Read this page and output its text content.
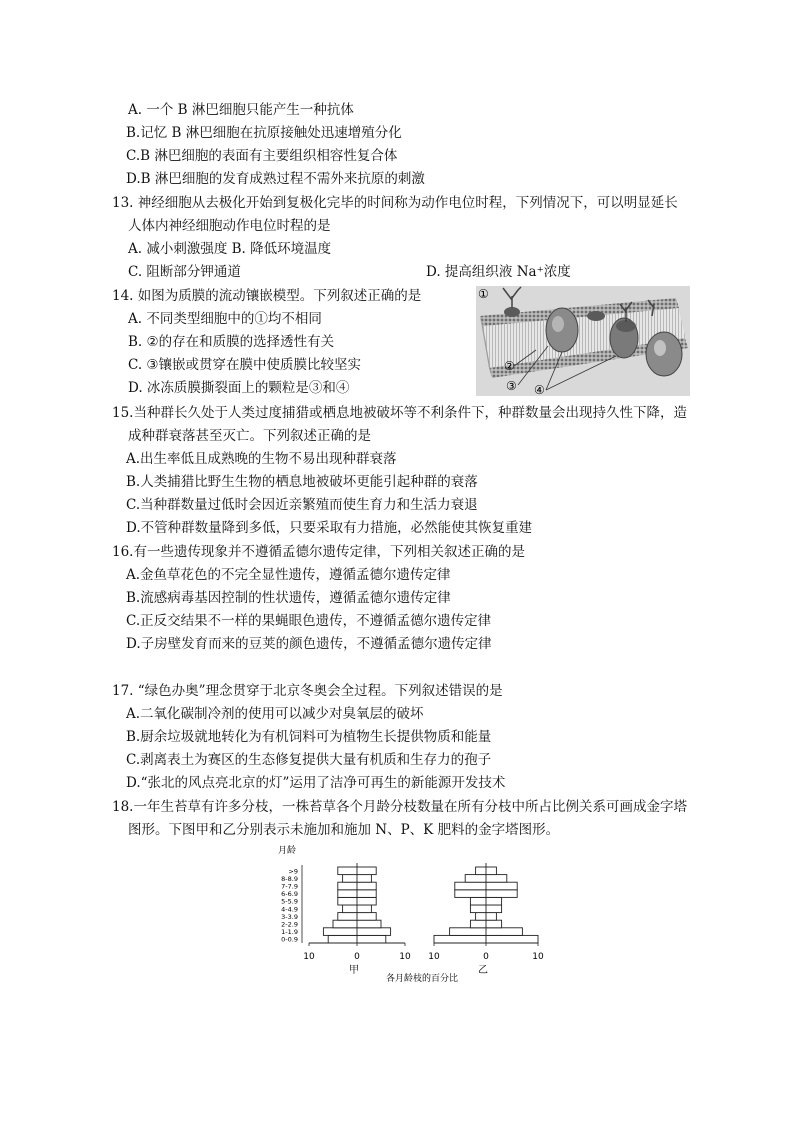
A. 一个 B 淋巴细胞只能产生一种抗体
B.记忆 B 淋巴细胞在抗原接触处迅速增殖分化
C.B 淋巴细胞的表面有主要组织相容性复合体
D.B 淋巴细胞的发育成熟过程不需外来抗原的刺激
13. 神经细胞从去极化开始到复极化完毕的时间称为动作电位时程，下列情况下，可以明显延长
人体内神经细胞动作电位时程的是
A. 减小刺激强度 B. 降低环境温度
C. 阻断部分钾通道	D. 提高组织液 Na⁺浓度
14. 如图为质膜的流动镶嵌模型。下列叙述正确的是
A. 不同类型细胞中的①均不相同
B. ②的存在和质膜的选择透性有关
C. ③镶嵌或贯穿在膜中使质膜比较坚实
D. 冰冻质膜撕裂面上的颗粒是③和④
①
②
③ ④
15.当种群长久处于人类过度捕猎或栖息地被破坏等不利条件下，种群数量会出现持久性下降，造
成种群衰落甚至灭亡。下列叙述正确的是
A.出生率低且成熟晚的生物不易出现种群衰落
B.人类捕猎比野生生物的栖息地被破坏更能引起种群的衰落
C.当种群数量过低时会因近亲繁殖而使生育力和生活力衰退
D.不管种群数量降到多低，只要采取有力措施，必然能使其恢复重建
16.有一些遗传现象并不遵循孟德尔遗传定律，下列相关叙述正确的是
A.金鱼草花色的不完全显性遗传，遵循孟德尔遗传定律
B.流感病毒基因控制的性状遗传，遵循孟德尔遗传定律
C.正反交结果不一样的果蝇眼色遗传，不遵循孟德尔遗传定律
D.子房壁发育而来的豆荚的颜色遗传，不遵循孟德尔遗传定律
17. “绿色办奥”理念贯穿于北京冬奥会全过程。下列叙述错误的是
A.二氧化碳制冷剂的使用可以减少对臭氧层的破坏
B.厨余垃圾就地转化为有机饲料可为植物生长提供物质和能量
C.剥离表土为赛区的生态修复提供大量有机质和生存力的孢子
D.“张北的风点亮北京的灯”运用了洁净可再生的新能源开发技术
18.一年生苔草有许多分枝，一株苔草各个月龄分枝数量在所有分枝中所占比例关系可画成金字塔
图形。下图甲和乙分别表示未施加和施加 N、P、K 肥料的金字塔图形。
月龄
0-0.9
1-1.9
2-2.9
3-3.9
4-4.9
5-5.9
6-6.9
7-7.9
8-8.9
>9
10	0	10
甲
10	0	10
乙
各月龄枝的百分比
